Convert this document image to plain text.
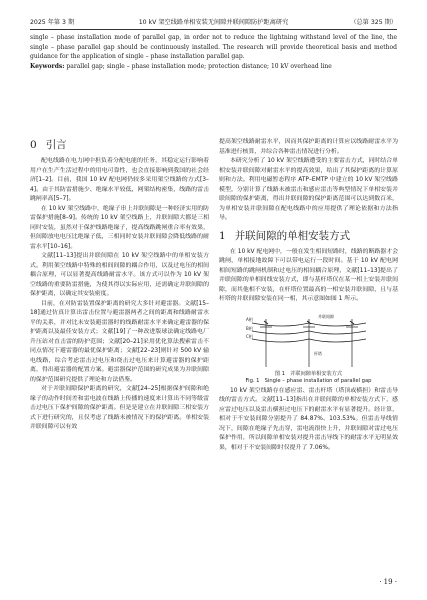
2025 年第 3 期	10 kV 架空线路单相安装无间隙并联间隙防护距离研究	（总第 325 期）

single – phase installation mode of parallel gap, in order not to reduce the lightning withstand level of the line, the single – phase parallel gap should be continuously installed. The research will provide theoretical basis and method guidance for the application of single – phase installation parallel gap.

Keywords: parallel gap; single – phase installation mode; protection distance; 10 kV overhead line

0 引言

配电线路在电力网中担负着分配电能的任务，其稳定运行影响着用户在生产生活过程中的用电可靠性，也会直接影响到我国的社会经济[1–2]。目前，我国 10 kV 配电网仍较多采用架空线路的方式[3–4]。由于其防雷措施少、绝缘水平较低，网架结构密集，线路的雷击跳闸率高[5–7]。

在 10 kV 架空线路中，绝缘子串上并联间隙是一种经济实用的防雷保护措施[8–9]。传统的 10 kV 架空线路上，并联间隙大都是三相同时安装，虽然对于保护线路绝缘子，提高线路跳闸重合率有效果，但间隙放电电压比绝缘子低，三相同时安装并联间隙会降低线路的耐雷水平[10–16]。

文献[11–13]提出并联间隙在 10 kV 架空线路中的单相安装方式。利用架空线路中特殊的相间间隙的耦合作用，以及过电压的相间耦合原理，可以显著提高线路耐雷水平。该方式可以作为 10 kV 架空线路的重要防雷措施，为使其得以实际应用，还需确定并联间隙的保护距离，以确定其安装密度。

目前，在对防雷装置保护距离的研究大多针对避雷器。文献[15–18]通过仿真计算出雷击位置与避雷器两者之间的距离和线路耐雷水平的关系，并对比未安装避雷器时的线路耐雷水平来确定避雷器的保护距离以及最佳安装方式；文献[19]了一种改进版球法确定线路电厂升压站对直击雷的防护范围；文献[20–21]采用优化算法搜索雷击不同点情况下避雷器的最优保护距离；文献[22–23]则针对 500 kV 输电线路，综合考虑雷击过电压和绕击过电压来计算避雷器的保护距离，得出避雷器的配置方案。避雷器保护范围的研究成果为并联间隙的保护范围研究提供了理论和方法借鉴。

对于并联间隙保护距离的研究，文献[24–25]根据保护间隙和绝缘子的动作时间差和雷电波在线路上传播的速度来计算出不同等级雷击过电压下保护间隙的保护距离。但是是建立在并联间隙三相安装方式下进行研究的，且仅考虑了线路未被情况下的保护距离。单相安装并联间隙可以有效

提高架空线路耐雷水平，因而其保护距离的计算应以线路耐雷水平为基准进行核算，并综合各种雷击情况进行分析。

本研究分析了 10 kV 架空线路遭受的主要雷击方式，同时结合单相安装并联间隙对耐雷水平的提高效果，给出了其保护距离的计算原则和方法。利用电磁暂态程序 ATP–EMTP 中建立的 10 kV 架空线路模型，分别计算了线路未被雷击和感应雷击等典型情况下单相安装并联间隙的保护距离，得出并联间隙的保护距离范围可以达到数百米，为单相安装并联间隙在配电线路中的应用提供了理论依据和方法指导。

1 并联间隙的单相安装方式

在 10 kV 配电网中，一般在发生相间短路时，线路的断路器才会跳闸，单相接地故障下可以带电运行一段时间。基于 10 kV 配电网相间短路的跳闸机制和过电压的相间耦合原理，文献[11–13]提出了并联间隙的单相间线安装方式，即与基杆塔仅在某一相上安装并联间隙，而其他相不安装，在杆塔位置最高的一相安装并联间隙，且与基杆塔的并联间隙安装在同一相，其示意图如图 1 所示。

A相
B相
C相
杆塔
并联间隙
图 1　并联间隙单相安装方式
Fig. 1　Single – phase installation of parallel gap

10 kV 架空线路存在感应雷、雷击杆塔（塔顶或横担）和雷击导线的雷击方式。文献[11–13]指出在并联间隙的单相安装方式下，感应雷过电压以及雷击横担过电压下的耐雷水平有显著提升。经计算，相对于不安装间隙分别提升了 84.87%、103.53%。但雷击导线情况下，间隙在绝缘子先击穿，雷电流很快上升，并联间隙对雷过电压保护作用，所以间隙单相安装对提升雷击导线下的耐雷水平无明显效果，相对于不安装间隙时仅提升了 7.06%。

· 19 ·
